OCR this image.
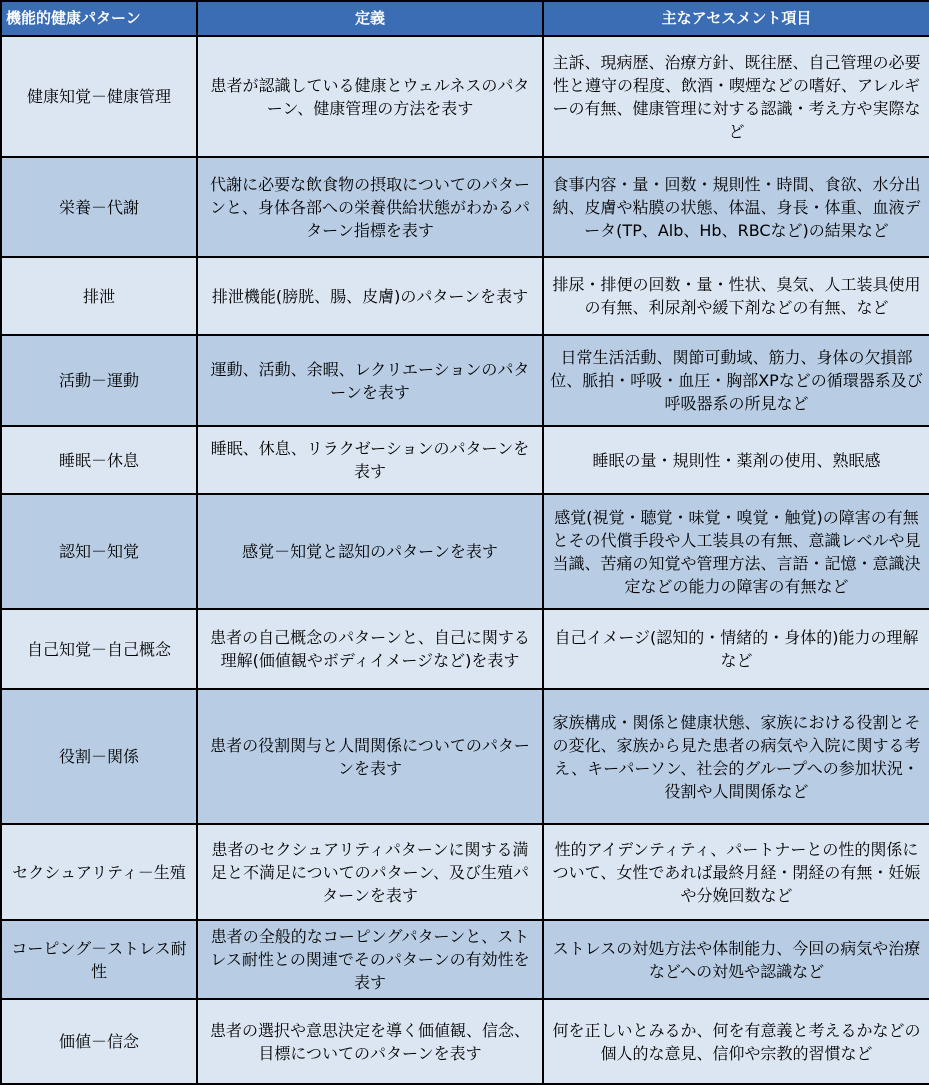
機能的健康パターン	定義	主なアセスメント項目
健康知覚－健康管理	患者が認識している健康とウェルネスのパターン、健康管理の方法を表す	主訴、現病歴、治療方針、既往歴、自己管理の必要性と遵守の程度、飲酒・喫煙などの嗜好、アレルギーの有無、健康管理に対する認識・考え方や実際など
栄養－代謝	代謝に必要な飲食物の摂取についてのパターンと、身体各部への栄養供給状態がわかるパターン指標を表す	食事内容・量・回数・規則性・時間、食欲、水分出納、皮膚や粘膜の状態、体温、身長・体重、血液データ(TP、Alb、Hb、RBCなど)の結果など
排泄	排泄機能(膀胱、腸、皮膚)のパターンを表す	排尿・排便の回数・量・性状、臭気、人工装具使用の有無、利尿剤や緩下剤などの有無、など
活動－運動	運動、活動、余暇、レクリエーションのパターンを表す	日常生活活動、関節可動域、筋力、身体の欠損部位、脈拍・呼吸・血圧・胸部XPなどの循環器系及び呼吸器系の所見など
睡眠－休息	睡眠、休息、リラクゼーションのパターンを表す	睡眠の量・規則性・薬剤の使用、熟眠感
認知－知覚	感覚－知覚と認知のパターンを表す	感覚(視覚・聴覚・味覚・嗅覚・触覚)の障害の有無とその代償手段や人工装具の有無、意識レベルや見当識、苦痛の知覚や管理方法、言語・記憶・意識決定などの能力の障害の有無など
自己知覚－自己概念	患者の自己概念のパターンと、自己に関する理解(価値観やボディイメージなど)を表す	自己イメージ(認知的・情緒的・身体的)能力の理解など
役割－関係	患者の役割関与と人間関係についてのパターンを表す	家族構成・関係と健康状態、家族における役割とその変化、家族から見た患者の病気や入院に関する考え、キーパーソン、社会的グループへの参加状況・役割や人間関係など
セクシュアリティ－生殖	患者のセクシュアリティパターンに関する満足と不満足についてのパターン、及び生殖パターンを表す	性的アイデンティティ、パートナーとの性的関係について、女性であれば最終月経・閉経の有無・妊娠や分娩回数など
コーピング－ストレス耐性	患者の全般的なコーピングパターンと、ストレス耐性との関連でそのパターンの有効性を表す	ストレスの対処方法や体制能力、今回の病気や治療などへの対処や認識など
価値－信念	患者の選択や意思決定を導く価値観、信念、目標についてのパターンを表す	何を正しいとみるか、何を有意義と考えるかなどの個人的な意見、信仰や宗教的習慣など
